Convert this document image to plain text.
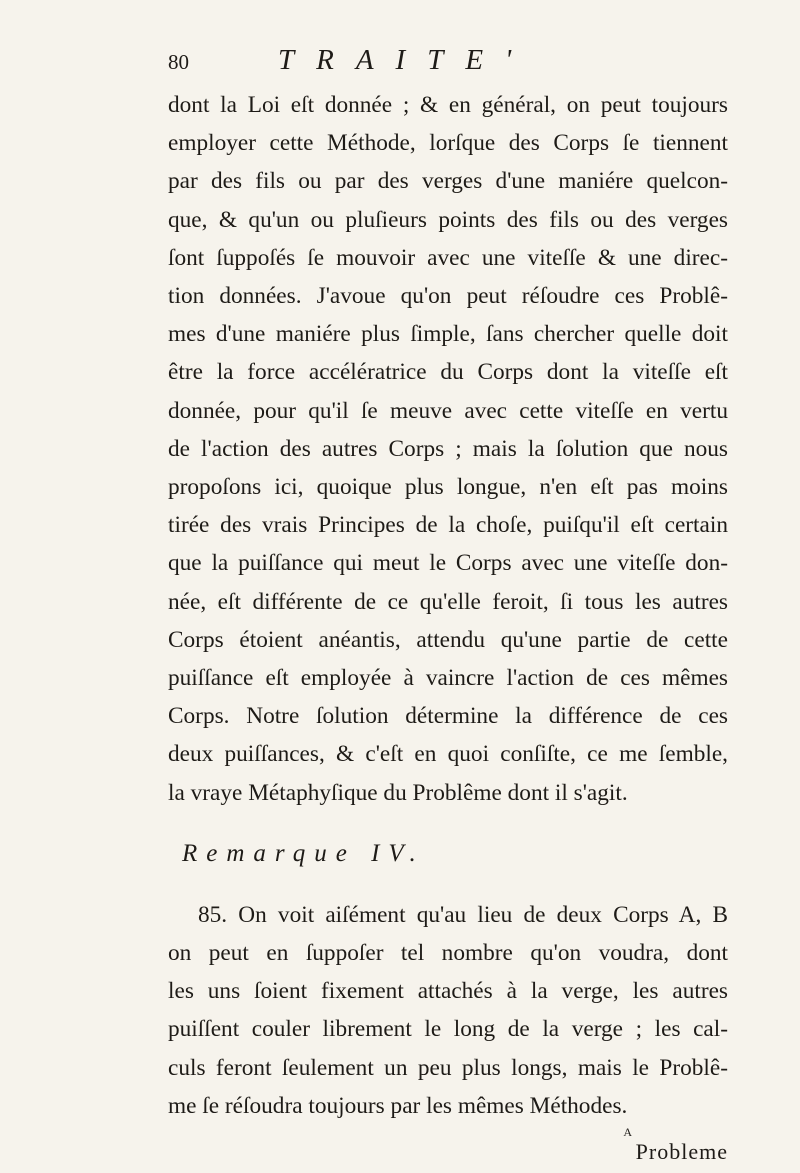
80	TRAITE'
dont la Loi eſt donnée ; & en général, on peut toujours
employer cette Méthode, lorſque des Corps ſe tiennent
par des fils ou par des verges d'une maniére quelcon-
que, & qu'un ou pluſieurs points des fils ou des verges
ſont ſuppoſés ſe mouvoir avec une viteſſe & une direc-
tion données. J'avoue qu'on peut réſoudre ces Problê-
mes d'une maniére plus ſimple, ſans chercher quelle doit
être la force accélératrice du Corps dont la viteſſe eſt
donnée, pour qu'il ſe meuve avec cette viteſſe en vertu
de l'action des autres Corps ; mais la ſolution que nous
propoſons ici, quoique plus longue, n'en eſt pas moins
tirée des vrais Principes de la choſe, puiſqu'il eſt certain
que la puiſſance qui meut le Corps avec une viteſſe don-
née, eſt différente de ce qu'elle feroit, ſi tous les autres
Corps étoient anéantis, attendu qu'une partie de cette
puiſſance eſt employée à vaincre l'action de ces mêmes
Corps. Notre ſolution détermine la différence de ces
deux puiſſances, & c'eſt en quoi conſiſte, ce me ſemble,
la vraye Métaphyſique du Problême dont il s'agit.
Remarque IV.
85. On voit aiſément qu'au lieu de deux Corps A, B
on peut en ſuppoſer tel nombre qu'on voudra, dont
les uns ſoient fixement attachés à la verge, les autres
puiſſent couler librement le long de la verge ; les cal-
culs feront ſeulement un peu plus longs, mais le Problê-
me ſe réſoudra toujours par les mêmes Méthodes.
A
Probleme
